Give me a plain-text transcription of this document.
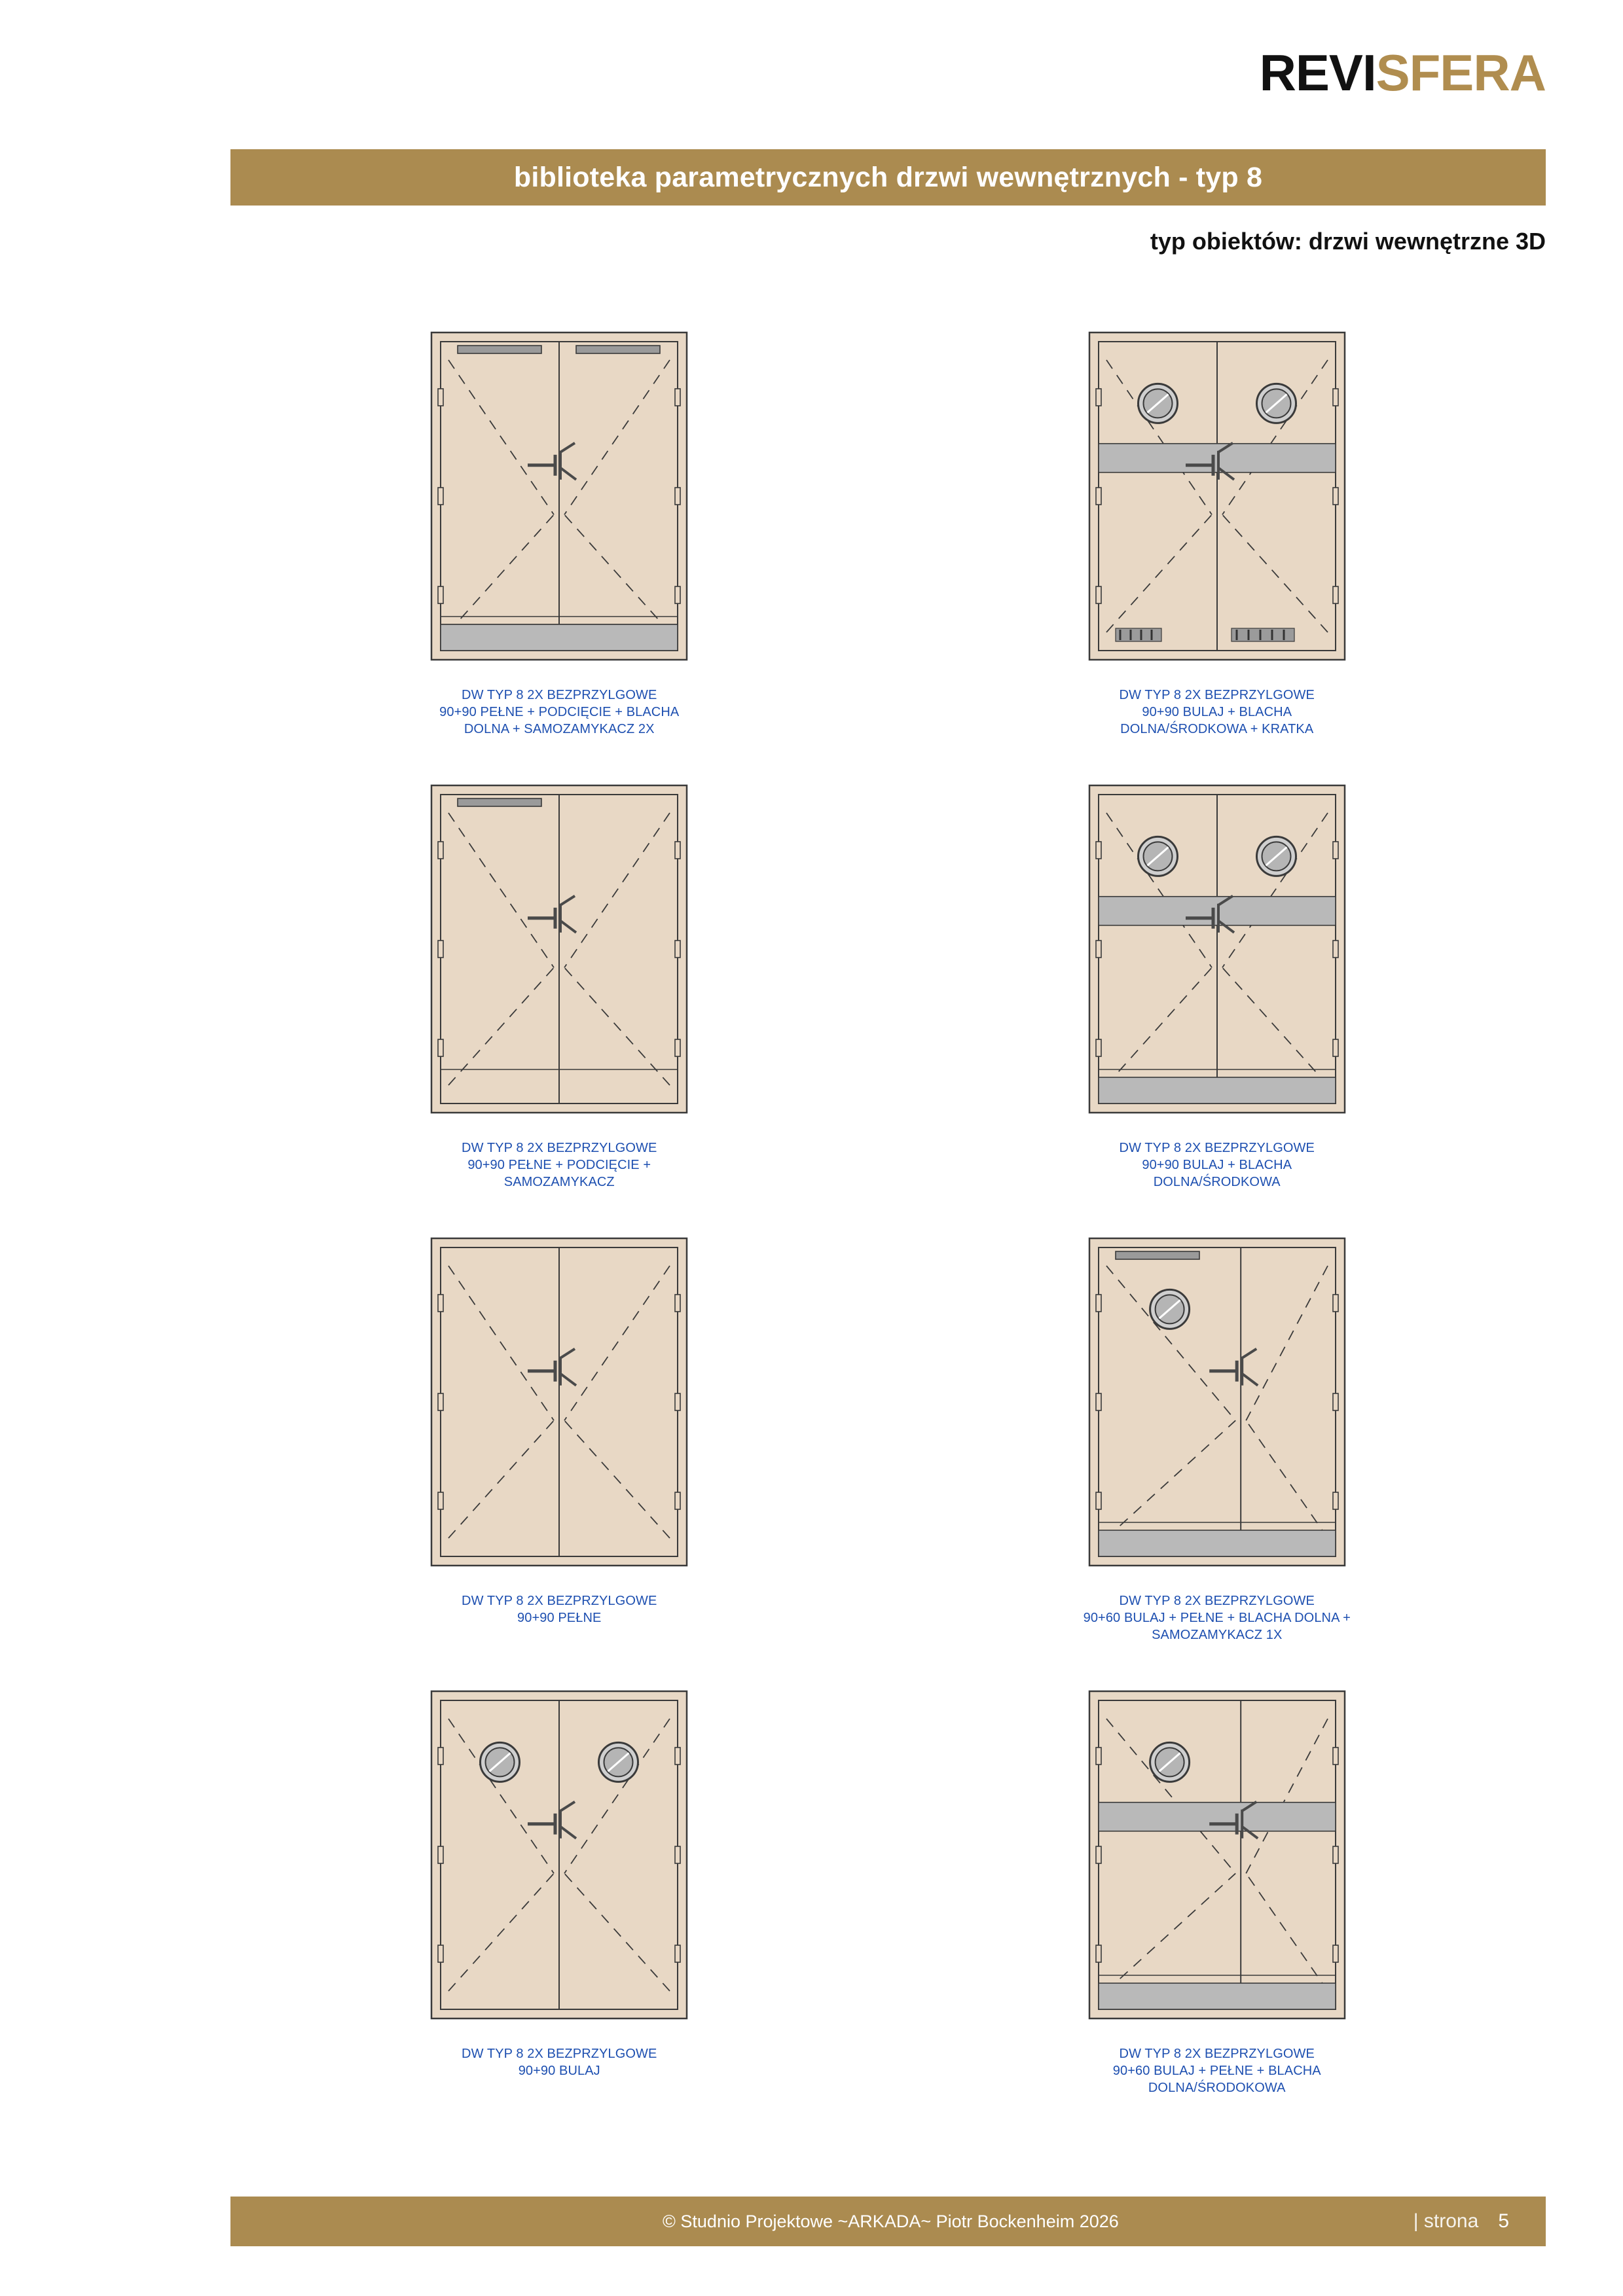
REVISFERA
biblioteka parametrycznych drzwi wewnętrznych - typ 8
typ obiektów: drzwi wewnętrzne 3D
DW TYP 8 2X BEZPRZYLGOWE
90+90 PEŁNE + PODCIĘCIE + BLACHA
DOLNA + SAMOZAMYKACZ 2X
DW TYP 8 2X BEZPRZYLGOWE
90+90 BULAJ + BLACHA
DOLNA/ŚRODKOWA + KRATKA
DW TYP 8 2X BEZPRZYLGOWE
90+90 PEŁNE + PODCIĘCIE +
SAMOZAMYKACZ
DW TYP 8 2X BEZPRZYLGOWE
90+90 BULAJ + BLACHA
DOLNA/ŚRODKOWA
DW TYP 8 2X BEZPRZYLGOWE
90+90 PEŁNE
DW TYP 8 2X BEZPRZYLGOWE
90+60 BULAJ + PEŁNE + BLACHA DOLNA +
SAMOZAMYKACZ 1X
DW TYP 8 2X BEZPRZYLGOWE
90+90 BULAJ
DW TYP 8 2X BEZPRZYLGOWE
90+60 BULAJ + PEŁNE + BLACHA
DOLNA/ŚRODOKOWA
© Studnio Projektowe ~ARKADA~ Piotr Bockenheim 2026	| strona 5
